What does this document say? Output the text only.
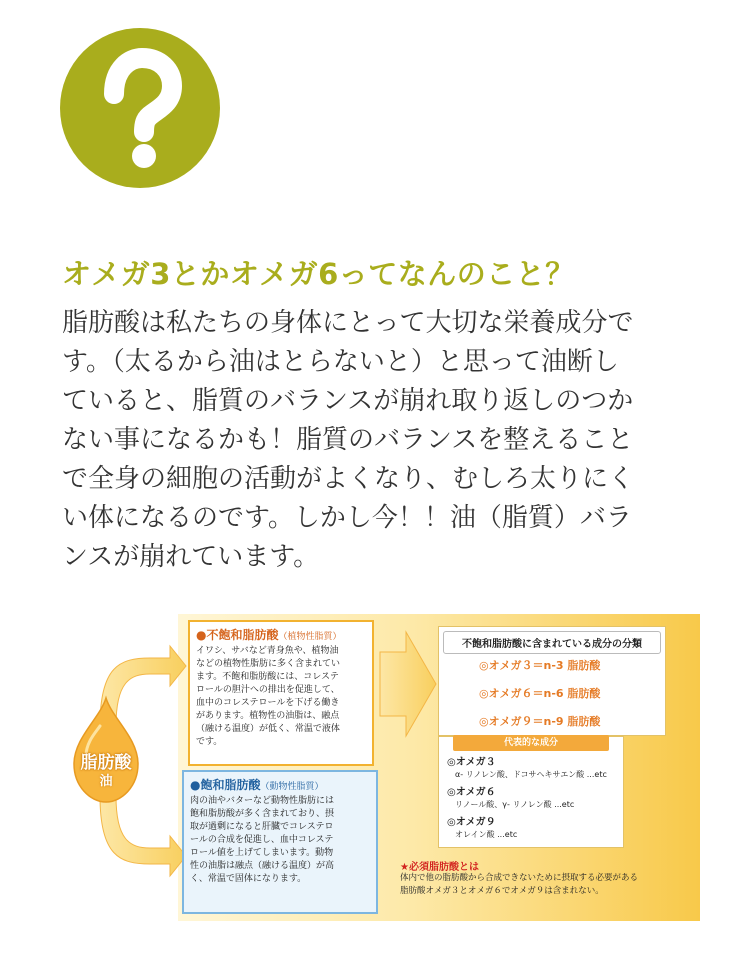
オメガ3とかオメガ6ってなんのこと？

脂肪酸は私たちの身体にとって大切な栄養成分で
す。（太るから油はとらないと）と思って油断し
ていると、脂質のバランスが崩れ取り返しのつか
ない事になるかも！脂質のバランスを整えること
で全身の細胞の活動がよくなり、むしろ太りにく
い体になるのです。しかし今！！油（脂質）バラ
ンスが崩れています。

脂肪酸
油
●不飽和脂肪酸（植物性脂質）
イワシ、サバなど青身魚や、植物油
などの植物性脂肪に多く含まれてい
ます。不飽和脂肪酸には、コレステ
ロールの胆汁への排出を促進して、
血中のコレステロールを下げる働き
があります。植物性の油脂は、融点
（融ける温度）が低く、常温で液体
です。
●飽和脂肪酸（動物性脂質）
肉の油やバターなど動物性脂肪には
飽和脂肪酸が多く含まれており、摂
取が過剰になると肝臓でコレステロ
ールの合成を促進し、血中コレステ
ロール値を上げてしまいます。動物
性の油脂は融点（融ける温度）が高
く、常温で固体になります。
不飽和脂肪酸に含まれている成分の分類
◎オメガ３＝n-3 脂肪酸
◎オメガ６＝n-6 脂肪酸
◎オメガ９＝n-9 脂肪酸
代表的な成分
◎オメガ３
α- リノレン酸、ドコサヘキサエン酸 ...etc
◎オメガ６
リノール酸、γ- リノレン酸 ...etc
◎オメガ９
オレイン酸 ...etc
★必須脂肪酸とは
体内で他の脂肪酸から合成できないために摂取する必要がある
脂肪酸オメガ３とオメガ６でオメガ９は含まれない。
